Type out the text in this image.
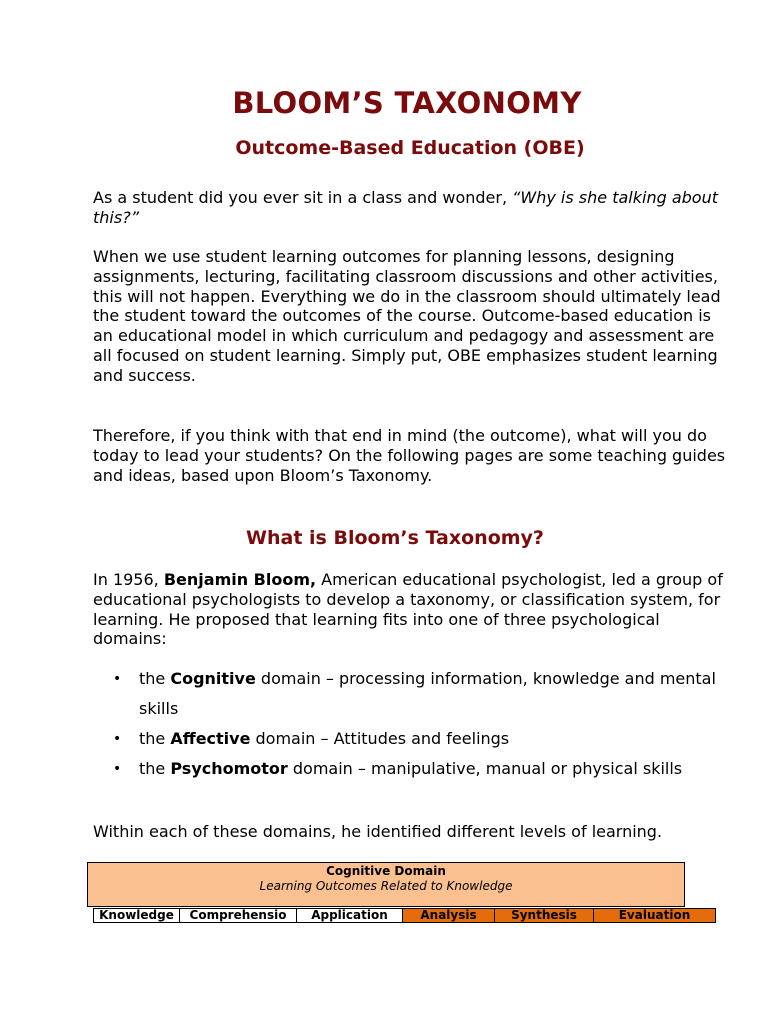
BLOOM’S TAXONOMY
Outcome-Based Education (OBE)

As a student did you ever sit in a class and wonder, “Why is she talking about this?”

When we use student learning outcomes for planning lessons, designing assignments, lecturing, facilitating classroom discussions and other activities, this will not happen. Everything we do in the classroom should ultimately lead the student toward the outcomes of the course. Outcome-based education is an educational model in which curriculum and pedagogy and assessment are all focused on student learning. Simply put, OBE emphasizes student learning and success.

Therefore, if you think with that end in mind (the outcome), what will you do today to lead your students? On the following pages are some teaching guides and ideas, based upon Bloom’s Taxonomy.

What is Bloom’s Taxonomy?

In 1956, Benjamin Bloom, American educational psychologist, led a group of educational psychologists to develop a taxonomy, or classification system, for learning. He proposed that learning fits into one of three psychological domains:

• the Cognitive domain – processing information, knowledge and mental skills
• the Affective domain – Attitudes and feelings
• the Psychomotor domain – manipulative, manual or physical skills

Within each of these domains, he identified different levels of learning.

Cognitive Domain
Learning Outcomes Related to Knowledge
Knowledge	Comprehensio	Application	Analysis	Synthesis	Evaluation
